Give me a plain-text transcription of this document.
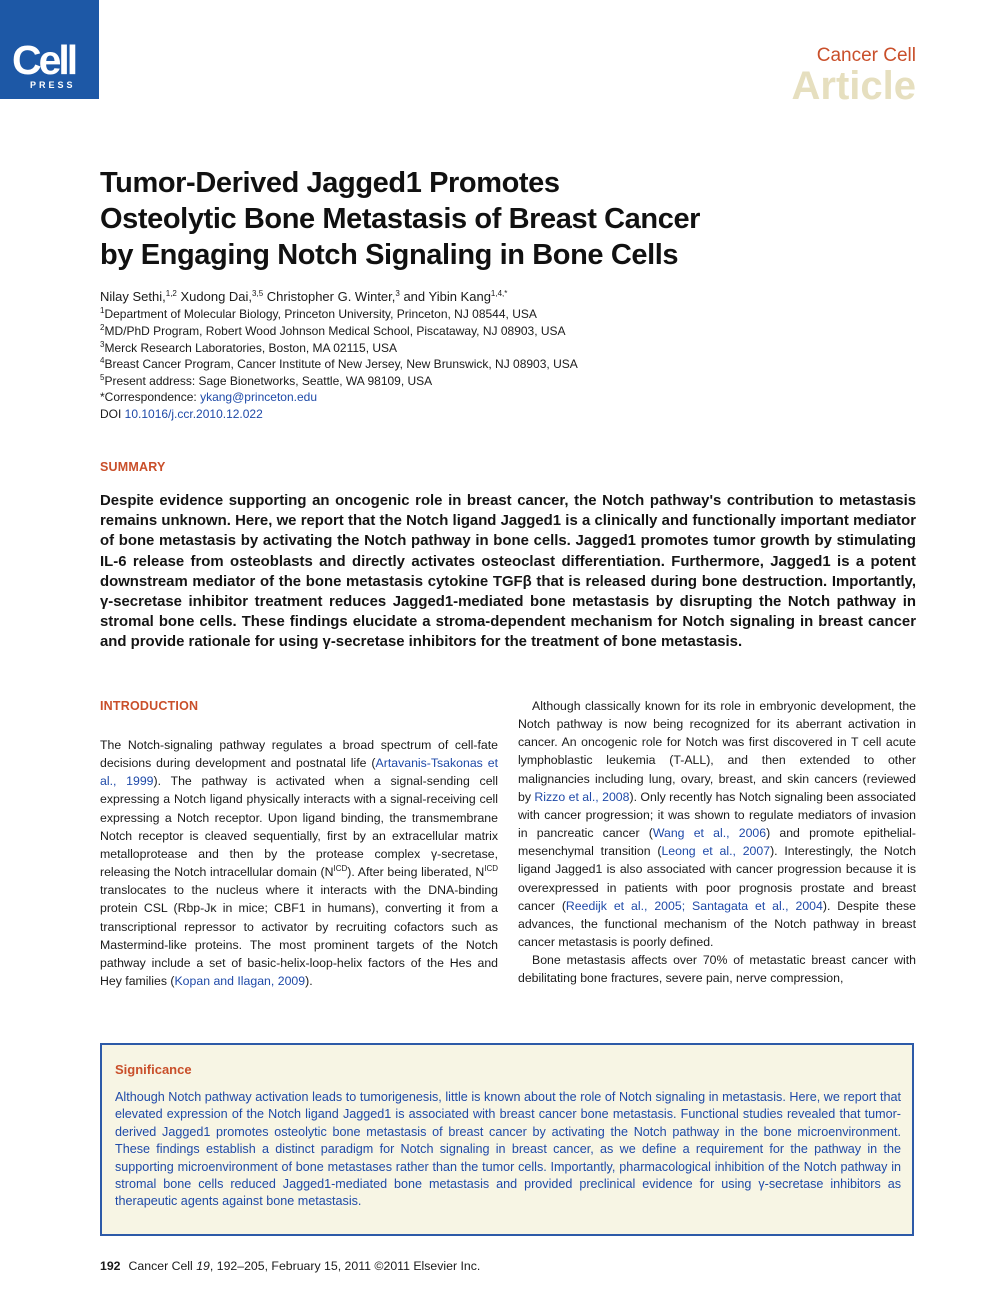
Cell
PRESS
Cancer Cell
Article
Tumor-Derived Jagged1 Promotes
Osteolytic Bone Metastasis of Breast Cancer
by Engaging Notch Signaling in Bone Cells
Nilay Sethi,$^{1,2}$ Xudong Dai,$^{3,5}$ Christopher G. Winter,$^3$ and Yibin Kang$^{1,4,*}$
$^1$Department of Molecular Biology, Princeton University, Princeton, NJ 08544, USA
$^2$MD/PhD Program, Robert Wood Johnson Medical School, Piscataway, NJ 08903, USA
$^3$Merck Research Laboratories, Boston, MA 02115, USA
$^4$Breast Cancer Program, Cancer Institute of New Jersey, New Brunswick, NJ 08903, USA
$^5$Present address: Sage Bionetworks, Seattle, WA 98109, USA
*Correspondence: ykang@princeton.edu
DOI 10.1016/j.ccr.2010.12.022
SUMMARY
Despite evidence supporting an oncogenic role in breast cancer, the Notch pathway's contribution to metastasis remains unknown. Here, we report that the Notch ligand Jagged1 is a clinically and functionally important mediator of bone metastasis by activating the Notch pathway in bone cells. Jagged1 promotes tumor growth by stimulating IL-6 release from osteoblasts and directly activates osteoclast differentiation. Furthermore, Jagged1 is a potent downstream mediator of the bone metastasis cytokine TGFβ that is released during bone destruction. Importantly, γ-secretase inhibitor treatment reduces Jagged1-mediated bone metastasis by disrupting the Notch pathway in stromal bone cells. These findings elucidate a stroma-dependent mechanism for Notch signaling in breast cancer and provide rationale for using γ-secretase inhibitors for the treatment of bone metastasis.
INTRODUCTION
The Notch-signaling pathway regulates a broad spectrum of cell-fate decisions during development and postnatal life (Artavanis-Tsakonas et al., 1999). The pathway is activated when a signal-sending cell expressing a Notch ligand physically interacts with a signal-receiving cell expressing a Notch receptor. Upon ligand binding, the transmembrane Notch receptor is cleaved sequentially, first by an extracellular matrix metalloprotease and then by the protease complex γ-secretase, releasing the Notch intracellular domain $(N^{ICD})$. After being liberated, $N^{ICD}$ translocates to the nucleus where it interacts with the DNA-binding protein CSL (Rbp-Jκ in mice; CBF1 in humans), converting it from a transcriptional repressor to activator by recruiting cofactors such as Mastermind-like proteins. The most prominent targets of the Notch pathway include a set of basic-helix-loop-helix factors of the Hes and Hey families (Kopan and Ilagan, 2009).

Although classically known for its role in embryonic development, the Notch pathway is now being recognized for its aberrant activation in cancer. An oncogenic role for Notch was first discovered in T cell acute lymphoblastic leukemia (T-ALL), and then extended to other malignancies including lung, ovary, breast, and skin cancers (reviewed by Rizzo et al., 2008). Only recently has Notch signaling been associated with cancer progression; it was shown to regulate mediators of invasion in pancreatic cancer (Wang et al., 2006) and promote epithelial-mesenchymal transition (Leong et al., 2007). Interestingly, the Notch ligand Jagged1 is also associated with cancer progression because it is overexpressed in patients with poor prognosis prostate and breast cancer (Reedijk et al., 2005; Santagata et al., 2004). Despite these advances, the functional mechanism of the Notch pathway in breast cancer metastasis is poorly defined.

Bone metastasis affects over 70% of metastatic breast cancer with debilitating bone fractures, severe pain, nerve compression,

Significance
Although Notch pathway activation leads to tumorigenesis, little is known about the role of Notch signaling in metastasis. Here, we report that elevated expression of the Notch ligand Jagged1 is associated with breast cancer bone metastasis. Functional studies revealed that tumor-derived Jagged1 promotes osteolytic bone metastasis of breast cancer by activating the Notch pathway in the bone microenvironment. These findings establish a distinct paradigm for Notch signaling in breast cancer, as we define a requirement for the pathway in the supporting microenvironment of bone metastases rather than the tumor cells. Importantly, pharmacological inhibition of the Notch pathway in stromal bone cells reduced Jagged1-mediated bone metastasis and provided preclinical evidence for using γ-secretase inhibitors as therapeutic agents against bone metastasis.
192 Cancer Cell 19, 192–205, February 15, 2011 ©2011 Elsevier Inc.
